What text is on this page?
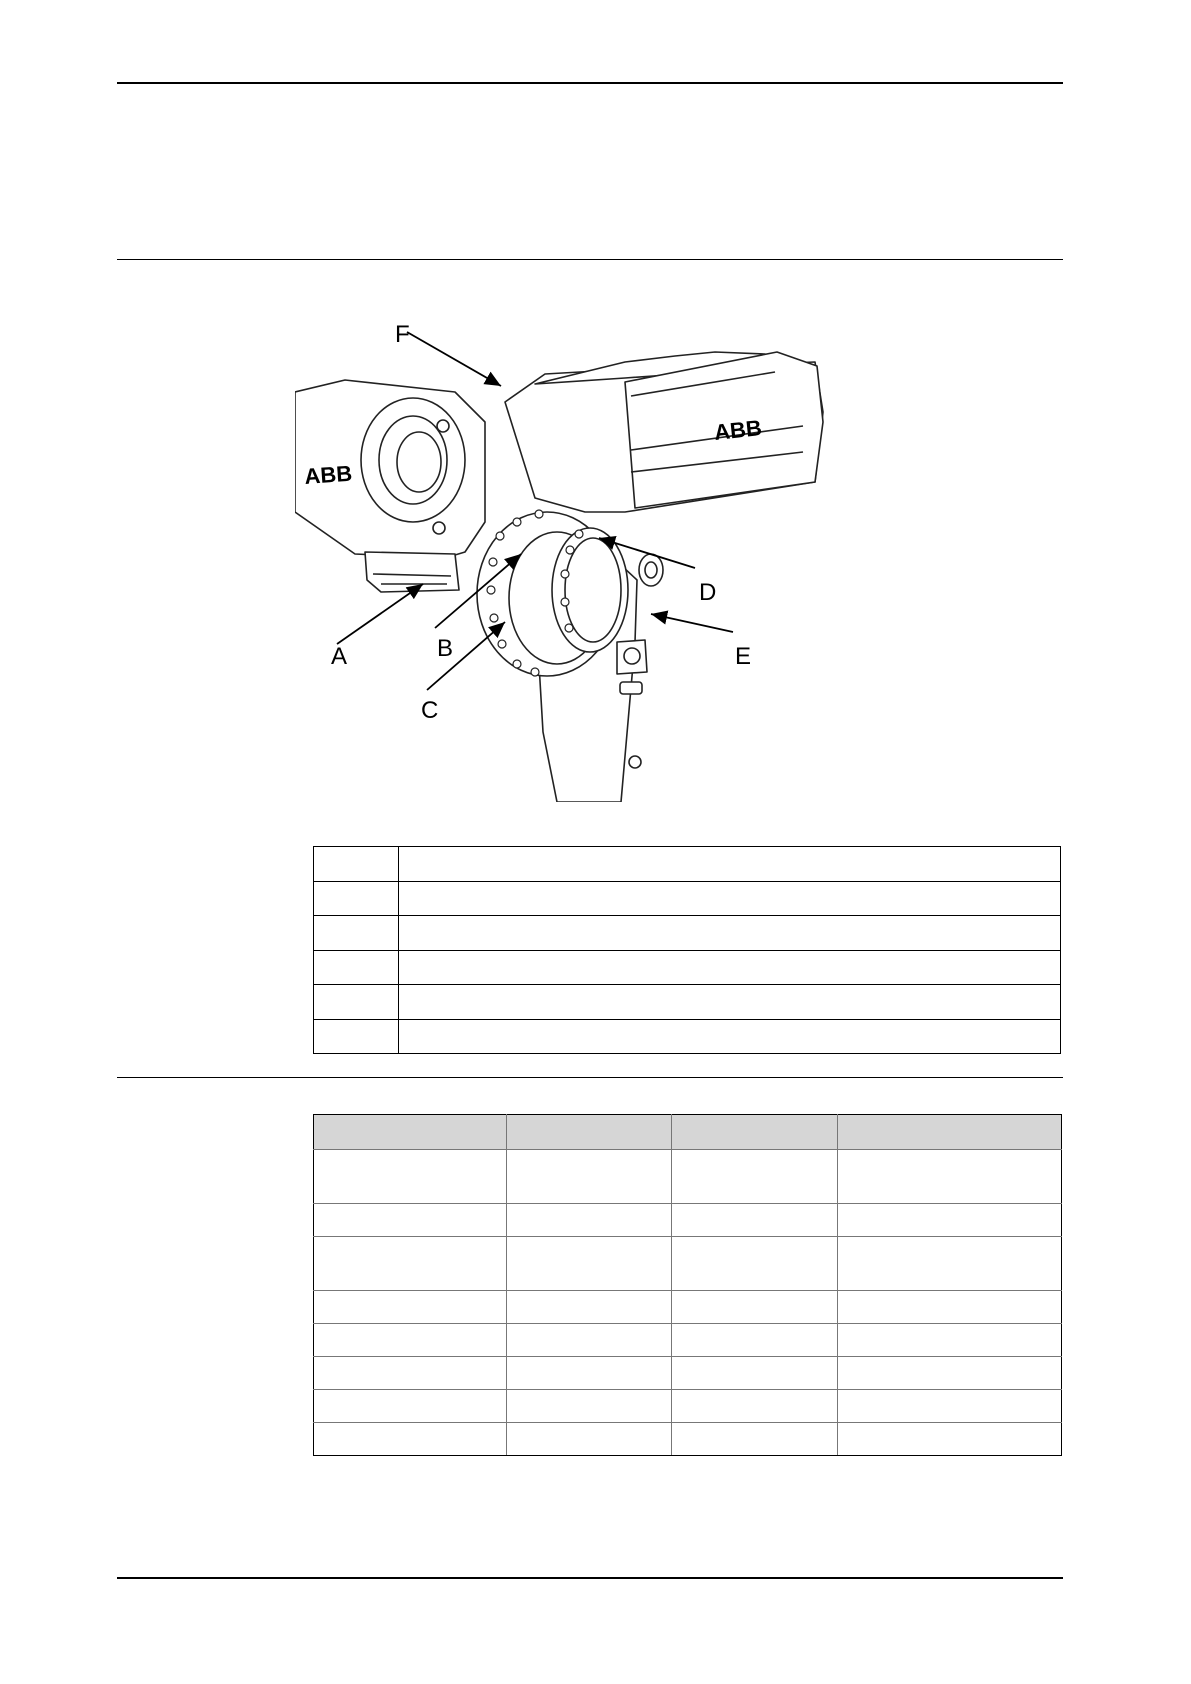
ABB
ABB
A	B
C
D
E
F
